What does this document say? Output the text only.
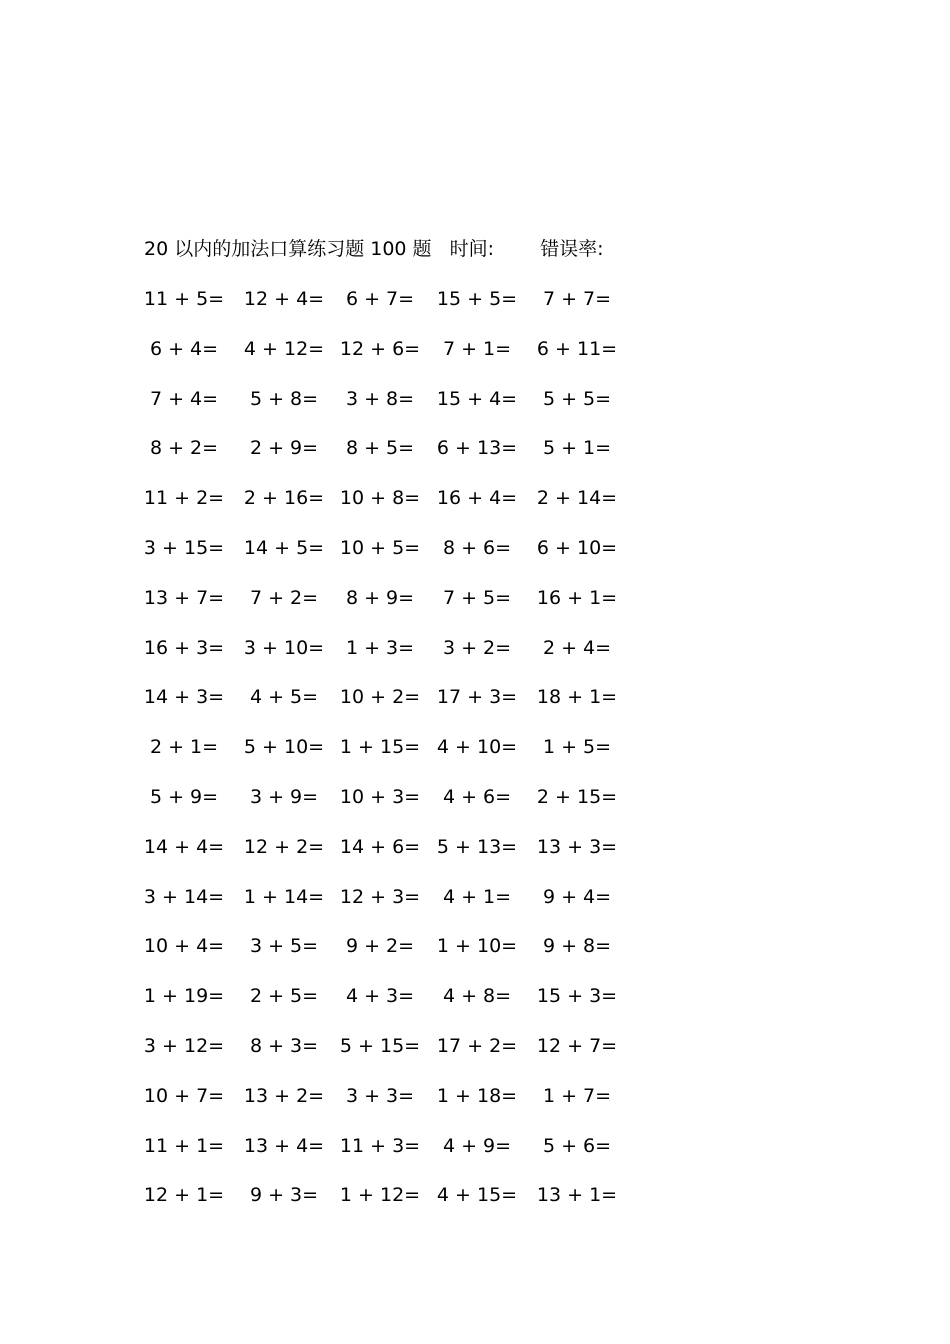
20 以内的加法口算练习题 100 题 时间: 错误率:
11 + 5= 12 + 4= 6 + 7= 15 + 5= 7 + 7=
6 + 4= 4 + 12= 12 + 6= 7 + 1= 6 + 11=
7 + 4= 5 + 8= 3 + 8= 15 + 4= 5 + 5=
8 + 2= 2 + 9= 8 + 5= 6 + 13= 5 + 1=
11 + 2= 2 + 16= 10 + 8= 16 + 4= 2 + 14=
3 + 15= 14 + 5= 10 + 5= 8 + 6= 6 + 10=
13 + 7= 7 + 2= 8 + 9= 7 + 5= 16 + 1=
16 + 3= 3 + 10= 1 + 3= 3 + 2= 2 + 4=
14 + 3= 4 + 5= 10 + 2= 17 + 3= 18 + 1=
2 + 1= 5 + 10= 1 + 15= 4 + 10= 1 + 5=
5 + 9= 3 + 9= 10 + 3= 4 + 6= 2 + 15=
14 + 4= 12 + 2= 14 + 6= 5 + 13= 13 + 3=
3 + 14= 1 + 14= 12 + 3= 4 + 1= 9 + 4=
10 + 4= 3 + 5= 9 + 2= 1 + 10= 9 + 8=
1 + 19= 2 + 5= 4 + 3= 4 + 8= 15 + 3=
3 + 12= 8 + 3= 5 + 15= 17 + 2= 12 + 7=
10 + 7= 13 + 2= 3 + 3= 1 + 18= 1 + 7=
11 + 1= 13 + 4= 11 + 3= 4 + 9= 5 + 6=
12 + 1= 9 + 3= 1 + 12= 4 + 15= 13 + 1=
